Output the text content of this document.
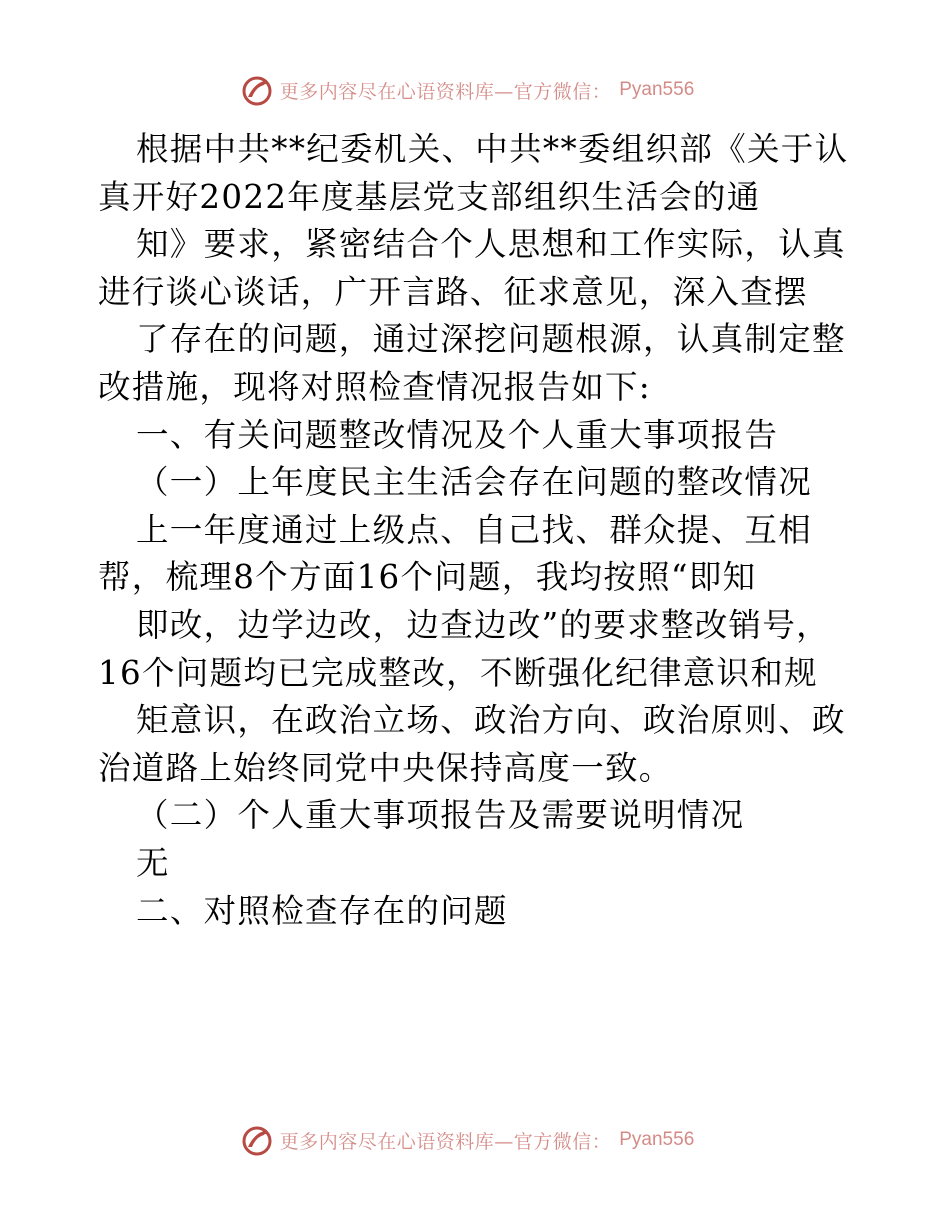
更多内容尽在心语资料库—官方微信： Pyan556
根据中共**纪委机关、中共**委组织部《关于认
真开好2022年度基层党支部组织生活会的通
知》要求，紧密结合个人思想和工作实际，认真
进行谈心谈话，广开言路、征求意见，深入查摆
了存在的问题，通过深挖问题根源，认真制定整
改措施，现将对照检查情况报告如下:
一、有关问题整改情况及个人重大事项报告
（一）上年度民主生活会存在问题的整改情况
上一年度通过上级点、自己找、群众提、互相
帮，梳理8个方面16个问题，我均按照“即知
即改，边学边改，边查边改”的要求整改销号，
16个问题均已完成整改，不断强化纪律意识和规
矩意识，在政治立场、政治方向、政治原则、政
治道路上始终同党中央保持高度一致。
（二）个人重大事项报告及需要说明情况
无
二、对照检查存在的问题
更多内容尽在心语资料库—官方微信： Pyan556
